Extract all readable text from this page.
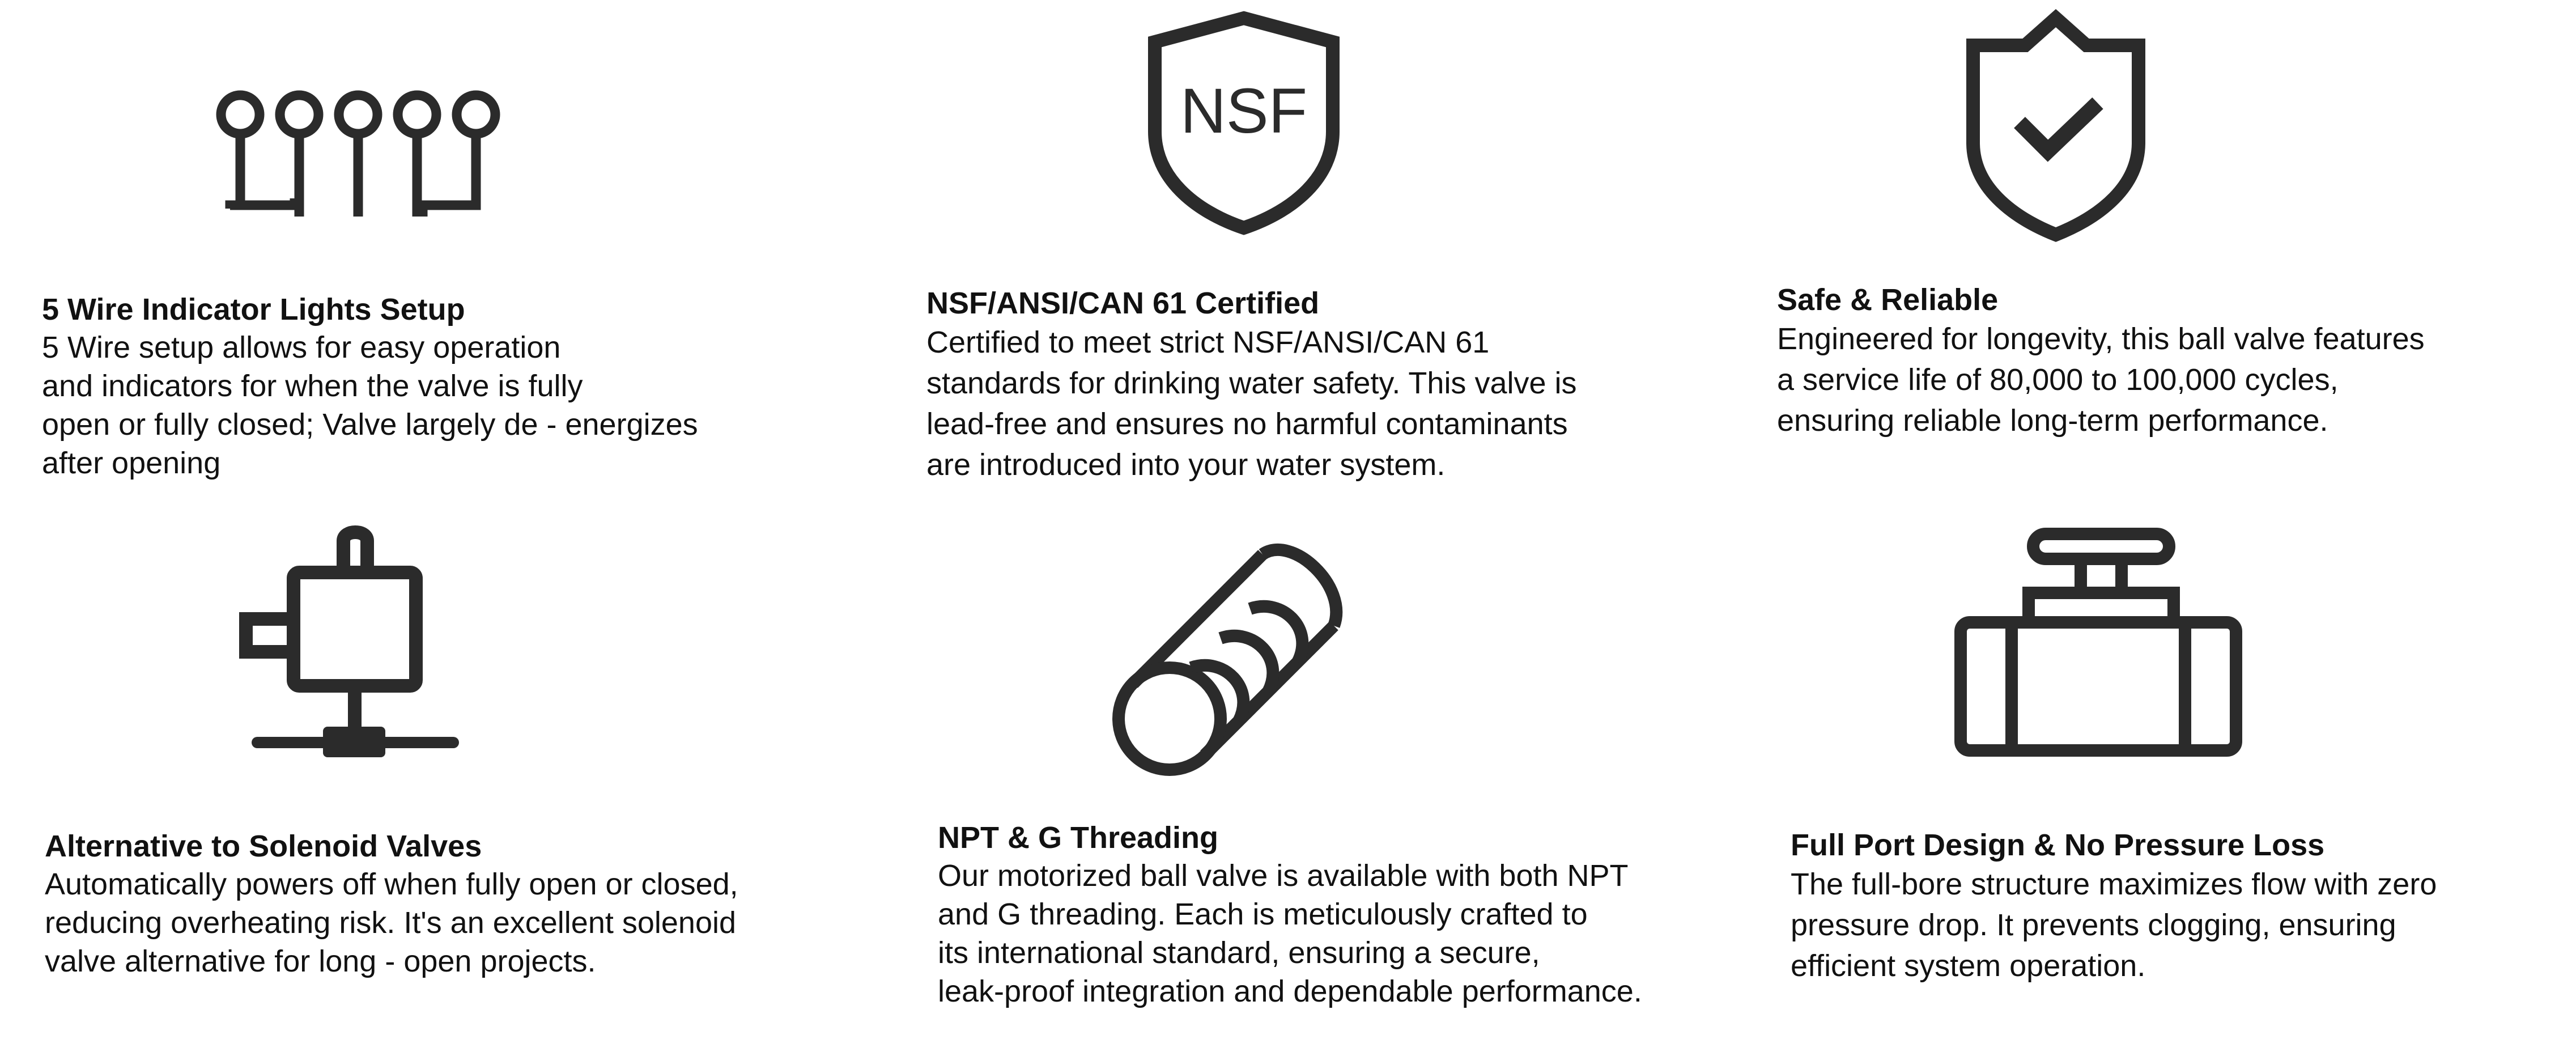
5 Wire Indicator Lights Setup
5 Wire setup allows for easy operation
and indicators for when the valve is fully
open or fully closed; Valve largely de - energizes
after opening
NSF
NSF/ANSI/CAN 61 Certified
Certified to meet strict NSF/ANSI/CAN 61
standards for drinking water safety. This valve is
lead-free and ensures no harmful contaminants
are introduced into your water system.
Safe & Reliable
Engineered for longevity, this ball valve features
a service life of 80,000 to 100,000 cycles,
ensuring reliable long-term performance.
Alternative to Solenoid Valves
Automatically powers off when fully open or closed,
reducing overheating risk. It's an excellent solenoid
valve alternative for long - open projects.
NPT & G Threading
Our motorized ball valve is available with both NPT
and G threading. Each is meticulously crafted to
its international standard, ensuring a secure,
leak-proof integration and dependable performance.
Full Port Design & No Pressure Loss
The full-bore structure maximizes flow with zero
pressure drop. It prevents clogging, ensuring
efficient system operation.
